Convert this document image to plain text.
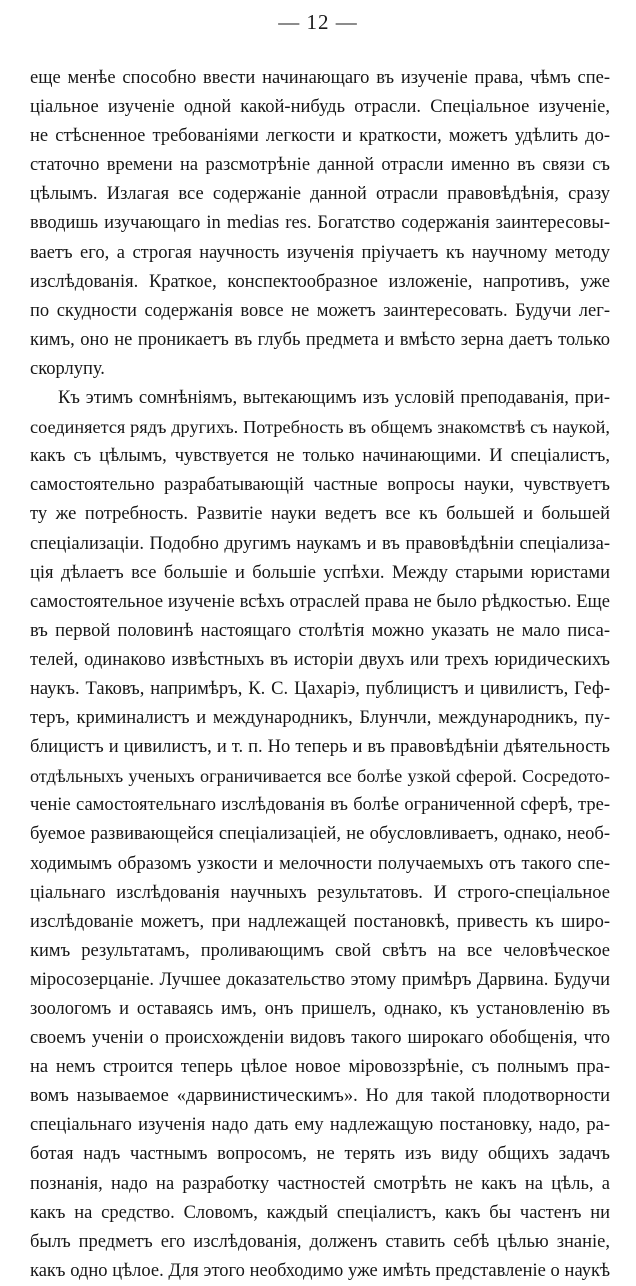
— 12 —
еще менѣе способно ввести начинающаго въ изученіе права, чѣмъ спе-
ціальное изученіе одной какой-нибудь отрасли. Спеціальное изученіе,
не стѣсненное требованіями легкости и краткости, можетъ удѣлить до-
статочно времени на разсмотрѣніе данной отрасли именно въ связи съ
цѣлымъ. Излагая все содержаніе данной отрасли правовѣдѣнія, сразу
вводишь изучающаго in medias res. Богатство содержанія заинтересовы-
ваетъ его, а строгая научность изученія пріучаетъ къ научному методу
изслѣдованія. Краткое, конспектообразное изложеніе, напротивъ, уже
по скудности содержанія вовсе не можетъ заинтересовать. Будучи лег-
кимъ, оно не проникаетъ въ глубь предмета и вмѣсто зерна даетъ только
скорлупу.
Къ этимъ сомнѣніямъ, вытекающимъ изъ условій преподаванія, при-
соединяется рядъ другихъ. Потребность въ общемъ знакомствѣ съ наукой,
какъ съ цѣлымъ, чувствуется не только начинающими. И спеціалистъ,
самостоятельно разрабатывающій частные вопросы науки, чувствуетъ
ту же потребность. Развитіе науки ведетъ все къ большей и большей
спеціализаціи. Подобно другимъ наукамъ и въ правовѣдѣніи спеціализа-
ція дѣлаетъ все большіе и большіе успѣхи. Между старыми юристами
самостоятельное изученіе всѣхъ отраслей права не было рѣдкостью. Еще
въ первой половинѣ настоящаго столѣтія можно указать не мало писа-
телей, одинаково извѣстныхъ въ исторіи двухъ или трехъ юридическихъ
наукъ. Таковъ, напримѣръ, К. С. Цахаріэ, публицистъ и цивилистъ, Геф-
теръ, криминалистъ и международникъ, Блунчли, международникъ, пу-
блицистъ и цивилистъ, и т. п. Но теперь и въ правовѣдѣніи дѣятельность
отдѣльныхъ ученыхъ ограничивается все болѣе узкой сферой. Сосредото-
ченіе самостоятельнаго изслѣдованія въ болѣе ограниченной сферѣ, тре-
буемое развивающейся спеціализаціей, не обусловливаетъ, однако, необ-
ходимымъ образомъ узкости и мелочности получаемыхъ отъ такого спе-
ціальнаго изслѣдованія научныхъ результатовъ. И строго-спеціальное
изслѣдованіе можетъ, при надлежащей постановкѣ, привесть къ широ-
кимъ результатамъ, проливающимъ свой свѣтъ на все человѣческое
міросозерцаніе. Лучшее доказательство этому примѣръ Дарвина. Будучи
зоологомъ и оставаясь имъ, онъ пришелъ, однако, къ установленію въ
своемъ ученіи о происхожденіи видовъ такого широкаго обобщенія, что
на немъ строится теперь цѣлое новое міровоззрѣніе, съ полнымъ пра-
вомъ называемое «дарвинистическимъ». Но для такой плодотворности
спеціальнаго изученія надо дать ему надлежащую постановку, надо, ра-
ботая надъ частнымъ вопросомъ, не терять изъ виду общихъ задачъ
познанія, надо на разработку частностей смотрѣть не какъ на цѣль, а
какъ на средство. Словомъ, каждый спеціалистъ, какъ бы частенъ ни
былъ предметъ его изслѣдованія, долженъ ставить себѣ цѣлью знаніе,
какъ одно цѣлое. Для этого необходимо уже имѣть представленіе о наукѣ
